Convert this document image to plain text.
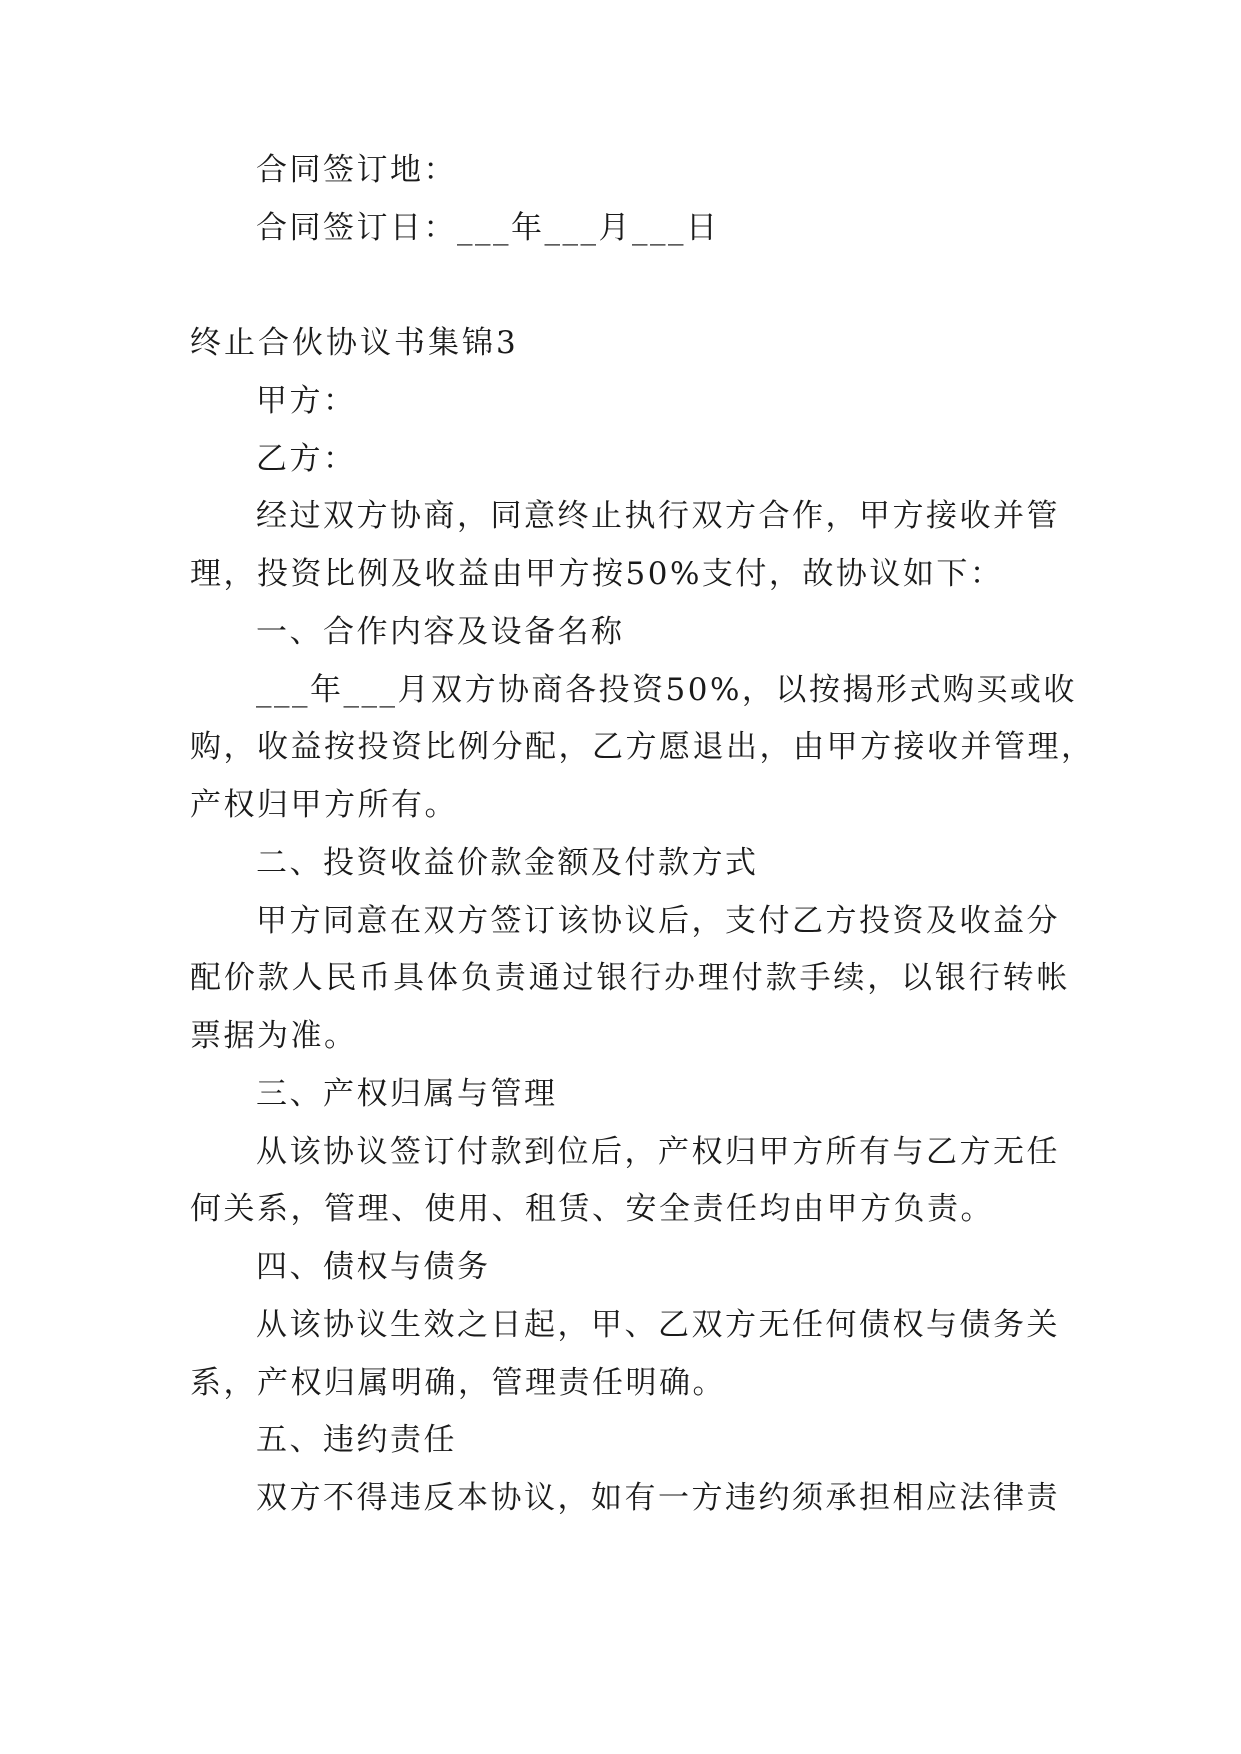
合同签订地：
合同签订日：___年___月___日
终止合伙协议书集锦3
甲方：
乙方：
经过双方协商，同意终止执行双方合作，甲方接收并管
理，投资比例及收益由甲方按50%支付，故协议如下：
一、合作内容及设备名称
___年___月双方协商各投资50%，以按揭形式购买或收
购，收益按投资比例分配，乙方愿退出，由甲方接收并管理，
产权归甲方所有。
二、投资收益价款金额及付款方式
甲方同意在双方签订该协议后，支付乙方投资及收益分
配价款人民币具体负责通过银行办理付款手续，以银行转帐
票据为准。
三、产权归属与管理
从该协议签订付款到位后，产权归甲方所有与乙方无任
何关系，管理、使用、租赁、安全责任均由甲方负责。
四、债权与债务
从该协议生效之日起，甲、乙双方无任何债权与债务关
系，产权归属明确，管理责任明确。
五、违约责任
双方不得违反本协议，如有一方违约须承担相应法律责
